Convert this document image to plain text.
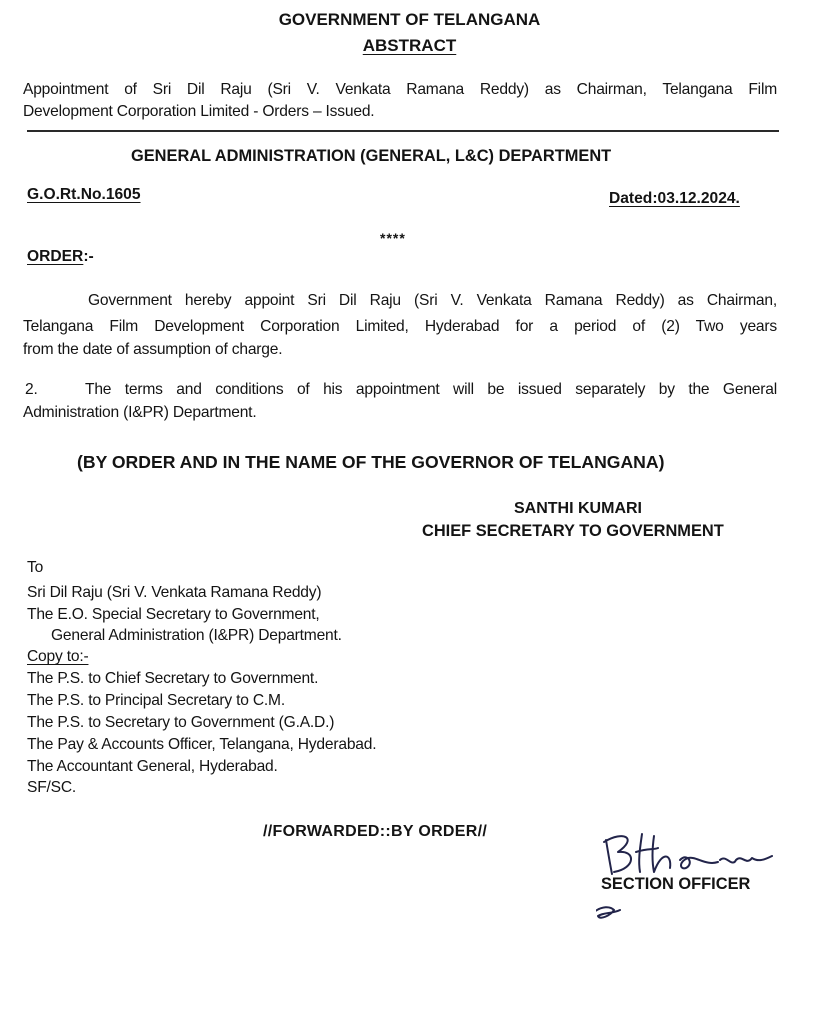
GOVERNMENT OF TELANGANA
ABSTRACT
Appointment of Sri Dil Raju (Sri V. Venkata Ramana Reddy) as Chairman, Telangana Film
Development Corporation Limited - Orders – Issued.
GENERAL ADMINISTRATION (GENERAL, L&C) DEPARTMENT
G.O.Rt.No.1605	Dated:03.12.2024.
****
ORDER:-
Government hereby appoint Sri Dil Raju (Sri V. Venkata Ramana Reddy) as Chairman,
Telangana Film Development Corporation Limited, Hyderabad for a period of (2) Two years
from the date of assumption of charge.
2.	The terms and conditions of his appointment will be issued separately by the General
Administration (I&PR) Department.
(BY ORDER AND IN THE NAME OF THE GOVERNOR OF TELANGANA)
SANTHI KUMARI
CHIEF SECRETARY TO GOVERNMENT
To
Sri Dil Raju (Sri V. Venkata Ramana Reddy)
The E.O. Special Secretary to Government,
General Administration (I&PR) Department.
Copy to:-
The P.S. to Chief Secretary to Government.
The P.S. to Principal Secretary to C.M.
The P.S. to Secretary to Government (G.A.D.)
The Pay & Accounts Officer, Telangana, Hyderabad.
The Accountant General, Hyderabad.
SF/SC.
//FORWARDED::BY ORDER//
SECTION OFFICER
